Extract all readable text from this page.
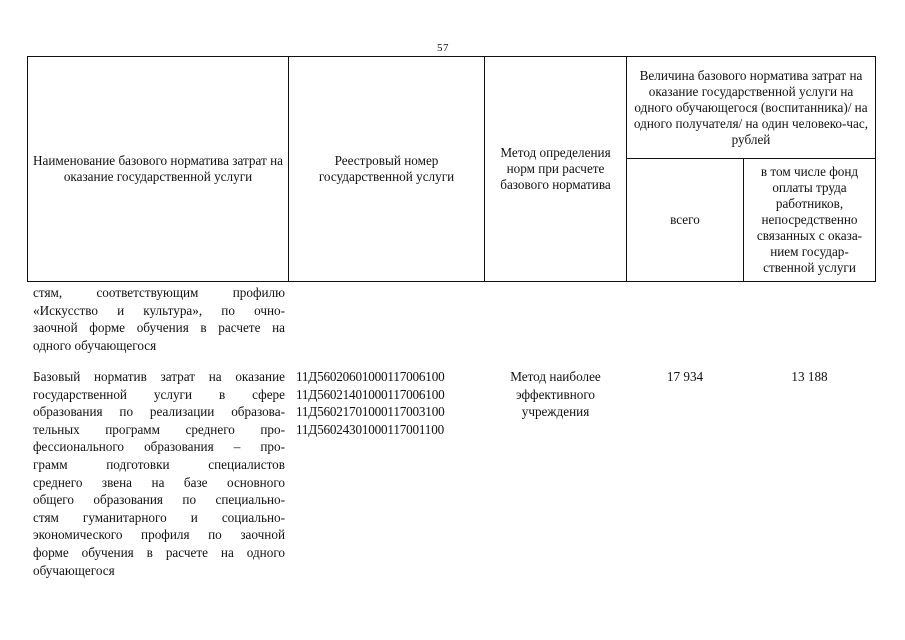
57
Наименование базового норматива затрат на оказание государственной услуги
Реестровый номер государственной услуги
Метод определения норм при расчете базового норматива
Величина базового норматива затрат на оказание государственной услуги на одного обучающегося (воспитанника)/ на одного получателя/ на один человеко-час, рублей
всего
в том числе фонд оплаты труда работников, непосредственно связанных с оказа-нием государ-ственной услуги
стям, соответствующим профилю
«Искусство и культура», по очно-
заочной форме обучения в расчете на
одного обучающегося
Базовый норматив затрат на оказание
государственной услуги в сфере
образования по реализации образова-
тельных программ среднего про-
фессионального образования – про-
грамм подготовки специалистов
среднего звена на базе основного
общего образования по специально-
стям гуманитарного и социально-
экономического профиля по заочной
форме обучения в расчете на одного
обучающегося
11Д56020601000117006100
11Д56021401000117006100
11Д56021701000117003100
11Д56024301000117001100
Метод наиболее эффективного учреждения
17 934	13 188
